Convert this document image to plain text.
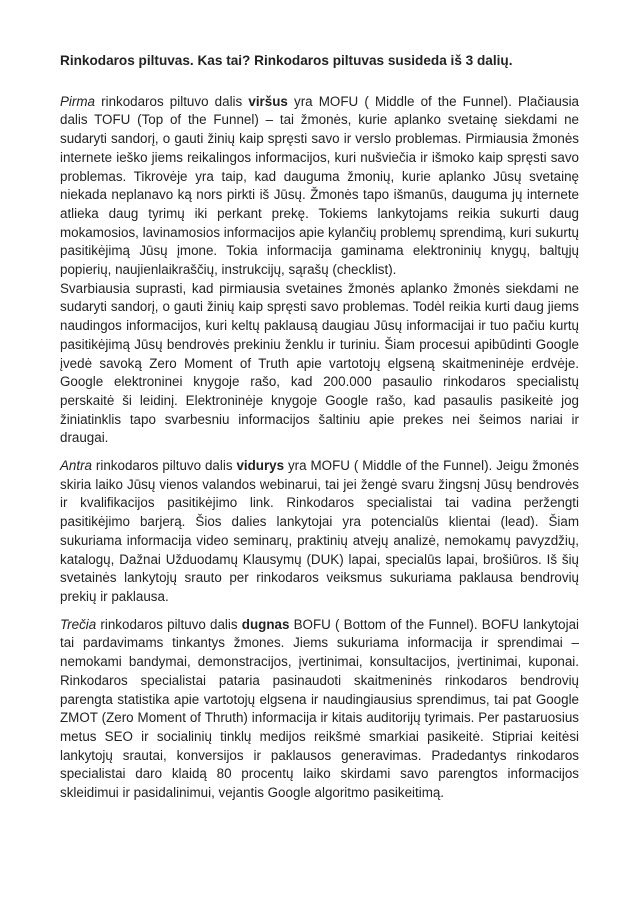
Rinkodaros piltuvas. Kas tai? Rinkodaros piltuvas susideda iš 3 dalių.

Pirma rinkodaros piltuvo dalis viršus yra MOFU ( Middle of the Funnel). Plačiausia dalis TOFU (Top of the Funnel) – tai žmonės, kurie aplanko svetainę siekdami ne sudaryti sandorį, o gauti žinių kaip spręsti savo ir verslo problemas. Pirmiausia žmonės internete ieško jiems reikalingos informacijos, kuri nušviečia ir išmoko kaip spręsti savo problemas. Tikrovėje yra taip, kad dauguma žmonių, kurie aplanko Jūsų svetainę niekada neplanavo ką nors pirkti iš Jūsų. Žmonės tapo išmanūs, dauguma jų internete atlieka daug tyrimų iki perkant prekę. Tokiems lankytojams reikia sukurti daug mokamosios, lavinamosios informacijos apie kylančių problemų sprendimą, kuri sukurtų pasitikėjimą Jūsų įmone. Tokia informacija gaminama elektroninių knygų, baltųjų popierių, naujienlaikraščių, instrukcijų, sąrašų (checklist).

Svarbiausia suprasti, kad pirmiausia svetaines žmonės aplanko žmonės siekdami ne sudaryti sandorį, o gauti žinių kaip spręsti savo problemas. Todėl reikia kurti daug jiems naudingos informacijos, kuri keltų paklausą daugiau Jūsų informacijai ir tuo pačiu kurtų pasitikėjimą Jūsų bendrovės prekiniu ženklu ir turiniu. Šiam procesui apibūdinti Google įvedė savoką Zero Moment of Truth apie vartotojų elgseną skaitmeninėje erdvėje. Google elektroninei knygoje rašo, kad 200.000 pasaulio rinkodaros specialistų perskaitė ši leidinį. Elektroninėje knygoje Google rašo, kad pasaulis pasikeitė jog žiniatinklis tapo svarbesniu informacijos šaltiniu apie prekes nei šeimos nariai ir draugai.

Antra rinkodaros piltuvo dalis vidurys yra MOFU ( Middle of the Funnel). Jeigu žmonės skiria laiko Jūsų vienos valandos webinarui, tai jei žengė svaru žingsnį Jūsų bendrovės ir kvalifikacijos pasitikėjimo link. Rinkodaros specialistai tai vadina peržengti pasitikėjimo barjerą. Šios dalies lankytojai yra potencialūs klientai (lead). Šiam sukuriama informacija video seminarų, praktinių atvejų analizė, nemokamų pavyzdžių, katalogų, Dažnai Užduodamų Klausymų (DUK) lapai, specialūs lapai, brošiūros. Iš šių svetainės lankytojų srauto per rinkodaros veiksmus sukuriama paklausa bendrovių prekių ir paklausa.

Trečia rinkodaros piltuvo dalis dugnas BOFU ( Bottom of the Funnel). BOFU lankytojai tai pardavimams tinkantys žmones. Jiems sukuriama informacija ir sprendimai – nemokami bandymai, demonstracijos, įvertinimai, konsultacijos, įvertinimai, kuponai. Rinkodaros specialistai pataria pasinaudoti skaitmeninės rinkodaros bendrovių parengta statistika apie vartotojų elgsena ir naudingiausius sprendimus, tai pat Google ZMOT (Zero Moment of Thruth) informacija ir kitais auditorijų tyrimais. Per pastaruosius metus SEO ir socialinių tinklų medijos reikšmė smarkiai pasikeitė. Stipriai keitėsi lankytojų srautai, konversijos ir paklausos generavimas. Pradedantys rinkodaros specialistai daro klaidą 80 procentų laiko skirdami savo parengtos informacijos skleidimui ir pasidalinimui, vejantis Google algoritmo pasikeitimą.
